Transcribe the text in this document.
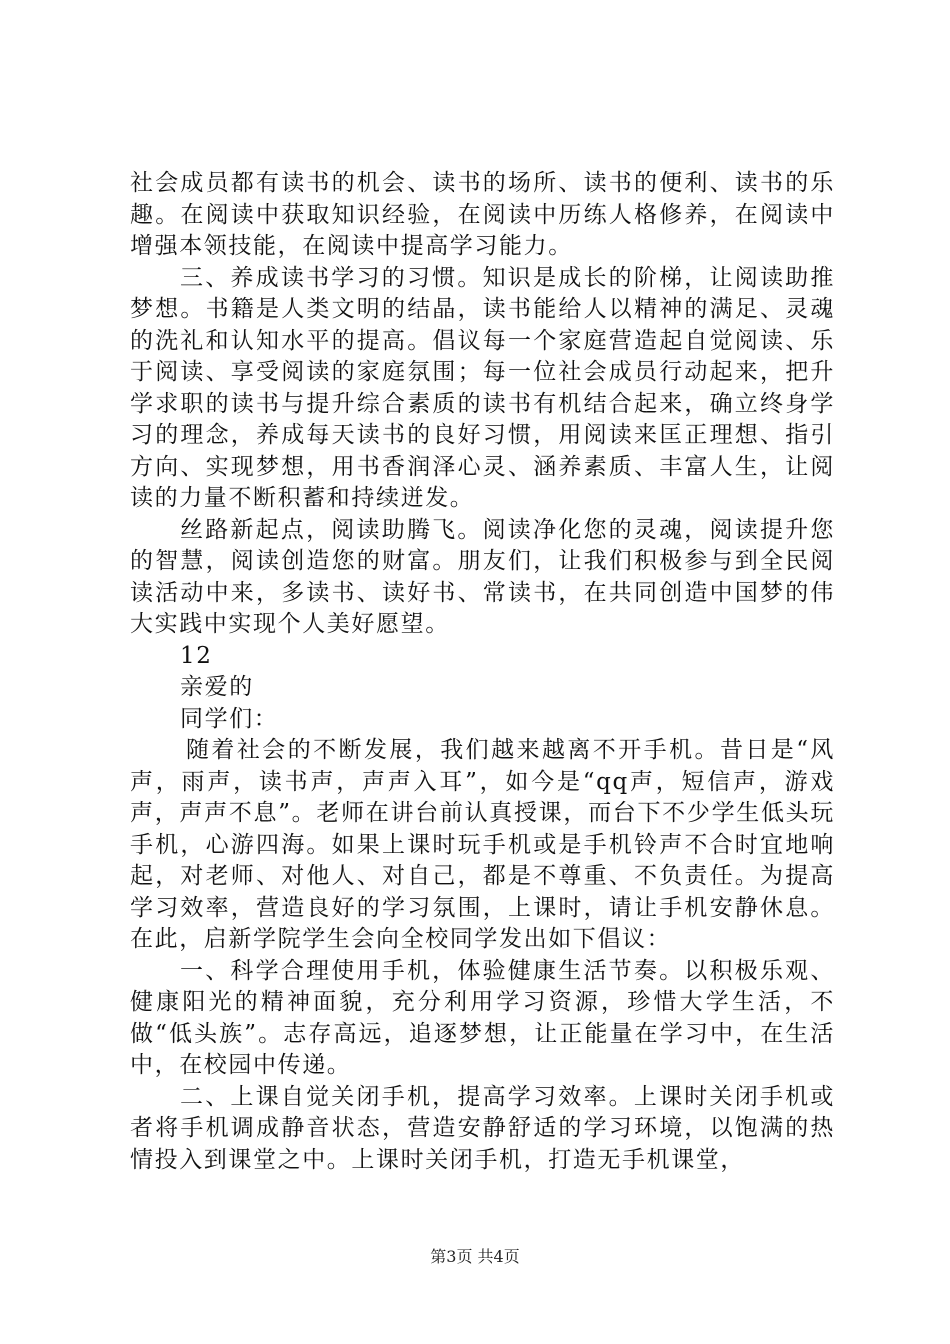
社会成员都有读书的机会、读书的场所、读书的便利、读书的乐趣。在阅读中获取知识经验，在阅读中历练人格修养，在阅读中增强本领技能，在阅读中提高学习能力。

三、养成读书学习的习惯。知识是成长的阶梯，让阅读助推梦想。书籍是人类文明的结晶，读书能给人以精神的满足、灵魂的洗礼和认知水平的提高。倡议每一个家庭营造起自觉阅读、乐于阅读、享受阅读的家庭氛围；每一位社会成员行动起来，把升学求职的读书与提升综合素质的读书有机结合起来，确立终身学习的理念，养成每天读书的良好习惯，用阅读来匡正理想、指引方向、实现梦想，用书香润泽心灵、涵养素质、丰富人生，让阅读的力量不断积蓄和持续迸发。

丝路新起点，阅读助腾飞。阅读净化您的灵魂，阅读提升您的智慧，阅读创造您的财富。朋友们，让我们积极参与到全民阅读活动中来，多读书、读好书、常读书，在共同创造中国梦的伟大实践中实现个人美好愿望。

12

亲爱的

同学们：

随着社会的不断发展，我们越来越离不开手机。昔日是“风声，雨声，读书声，声声入耳”，如今是“qq声，短信声，游戏声，声声不息”。老师在讲台前认真授课，而台下不少学生低头玩手机，心游四海。如果上课时玩手机或是手机铃声不合时宜地响起，对老师、对他人、对自己，都是不尊重、不负责任。为提高学习效率，营造良好的学习氛围，上课时，请让手机安静休息。在此，启新学院学生会向全校同学发出如下倡议：

一、科学合理使用手机，体验健康生活节奏。以积极乐观、健康阳光的精神面貌，充分利用学习资源，珍惜大学生活，不做“低头族”。志存高远，追逐梦想，让正能量在学习中，在生活中，在校园中传递。

二、上课自觉关闭手机，提高学习效率。上课时关闭手机或者将手机调成静音状态，营造安静舒适的学习环境，以饱满的热情投入到课堂之中。上课时关闭手机，打造无手机课堂，

第3页 共4页
